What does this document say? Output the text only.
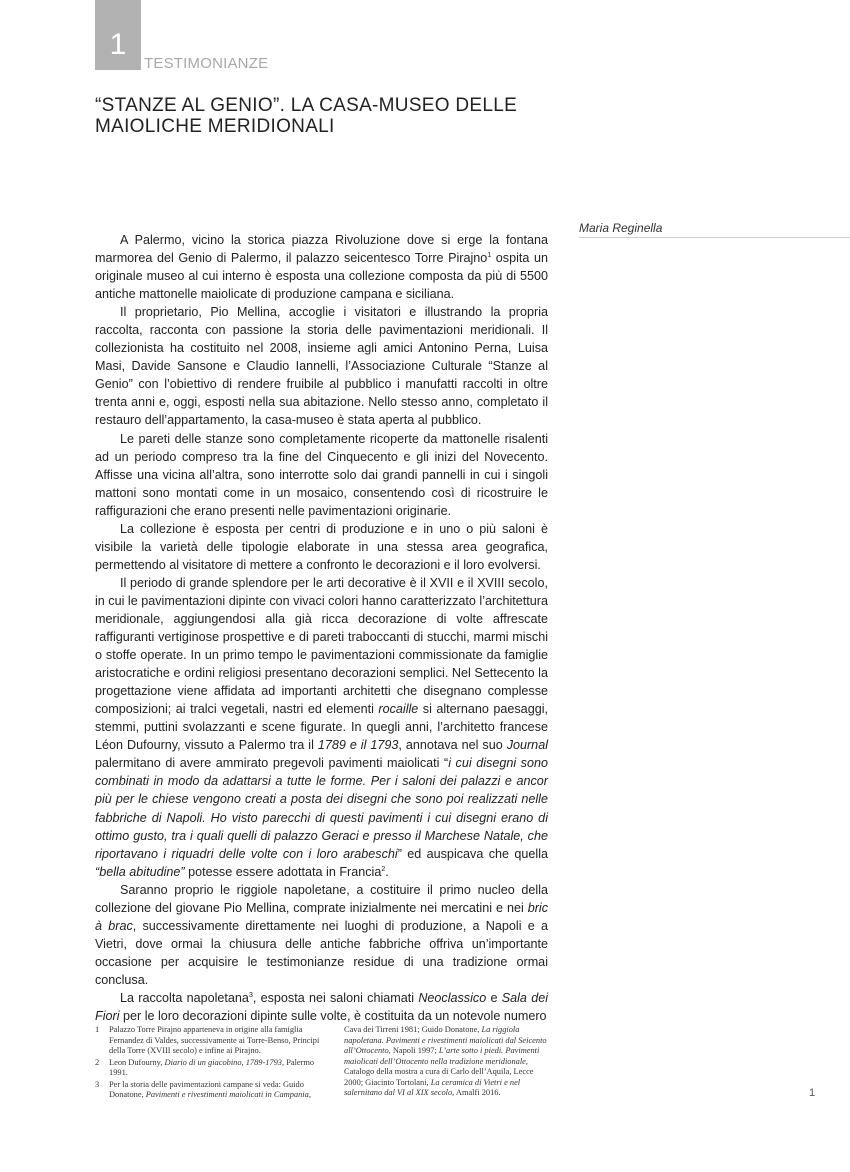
1
TESTIMONIANZE
“STANZE AL GENIO”. LA CASA-MUSEO DELLE
MAIOLICHE MERIDIONALI
Maria Reginella

A Palermo, vicino la storica piazza Rivoluzione dove si erge la fontana marmorea del Genio di Palermo, il palazzo seicentesco Torre Pirajno$^1$ ospita un originale museo al cui interno è esposta una collezione composta da più di 5500 antiche mattonelle maiolicate di produzione campana e siciliana.

Il proprietario, Pio Mellina, accoglie i visitatori e illustrando la propria raccolta, racconta con passione la storia delle pavimentazioni meridionali. Il collezionista ha costituito nel 2008, insieme agli amici Antonino Perna, Luisa Masi, Davide Sansone e Claudio Iannelli, l’Associazione Culturale “Stanze al Genio” con l’obiettivo di rendere fruibile al pubblico i manufatti raccolti in oltre trenta anni e, oggi, esposti nella sua abitazione. Nello stesso anno, completato il restauro dell’appartamento, la casa-museo è stata aperta al pubblico.

Le pareti delle stanze sono completamente ricoperte da mattonelle risalenti ad un periodo compreso tra la fine del Cinquecento e gli inizi del Novecento. Affisse una vicina all’altra, sono interrotte solo dai grandi pannelli in cui i singoli mattoni sono montati come in un mosaico, consentendo così di ricostruire le raffigurazioni che erano presenti nelle pavimentazioni originarie.

La collezione è esposta per centri di produzione e in uno o più saloni è visibile la varietà delle tipologie elaborate in una stessa area geografica, permettendo al visitatore di mettere a confronto le decorazioni e il loro evolversi.

Il periodo di grande splendore per le arti decorative è il XVII e il XVIII secolo, in cui le pavimentazioni dipinte con vivaci colori hanno caratterizzato l’architettura meridionale, aggiungendosi alla già ricca decorazione di volte affrescate raffiguranti vertiginose prospettive e di pareti traboccanti di stucchi, marmi mischi o stoffe operate. In un primo tempo le pavimentazioni commissionate da famiglie aristocratiche e ordini religiosi presentano decorazioni semplici. Nel Settecento la progettazione viene affidata ad importanti architetti che disegnano complesse composizioni; ai tralci vegetali, nastri ed elementi rocaille si alternano paesaggi, stemmi, puttini svolazzanti e scene figurate. In quegli anni, l’architetto francese Léon Dufourny, vissuto a Palermo tra il 1789 e il 1793, annotava nel suo Journal palermitano di avere ammirato pregevoli pavimenti maiolicati “i cui disegni sono combinati in modo da adattarsi a tutte le forme. Per i saloni dei palazzi e ancor più per le chiese vengono creati a posta dei disegni che sono poi realizzati nelle fabbriche di Napoli. Ho visto parecchi di questi pavimenti i cui disegni erano di ottimo gusto, tra i quali quelli di palazzo Geraci e presso il Marchese Natale, che riportavano i riquadri delle volte con i loro arabeschi” ed auspicava che quella “bella abitudine” potesse essere adottata in Francia$^2$.

Saranno proprio le riggiole napoletane, a costituire il primo nucleo della collezione del giovane Pio Mellina, comprate inizialmente nei mercatini e nei bric à brac, successivamente direttamente nei luoghi di produzione, a Napoli e a Vietri, dove ormai la chiusura delle antiche fabbriche offriva un’importante occasione per acquisire le testimonianze residue di una tradizione ormai conclusa.

La raccolta napoletana$^3$, esposta nei saloni chiamati Neoclassico e Sala dei Fiori per le loro decorazioni dipinte sulle volte, è costituita da un notevole numero

1	Palazzo Torre Pirajno apparteneva in origine alla famiglia Fernandez di Valdes, successivamente ai Torre-Benso, Principi della Torre (XVIII secolo) e infine ai Pirajno.
2	Leon Dufourny, Diario di un giacobino, 1789-1793, Palermo 1991.
3	Per la storia delle pavimentazioni campane si veda: Guido Donatone, Pavimenti e rivestimenti maiolicati in Campania,
Cava dei Tirreni 1981; Guido Donatone, La riggiola napoletana. Pavimenti e rivestimenti maiolicati dal Seicento all’Ottocento, Napoli 1997; L’arte sotto i piedi. Pavimenti maiolicati dell’Ottocento nella tradizione meridionale, Catalogo della mostra a cura di Carlo dell’Aquila, Lecce 2000; Giacinto Tortolani, La ceramica di Vietri e nel salernitano dal VI al XIX secolo, Amalfi 2016.	1
